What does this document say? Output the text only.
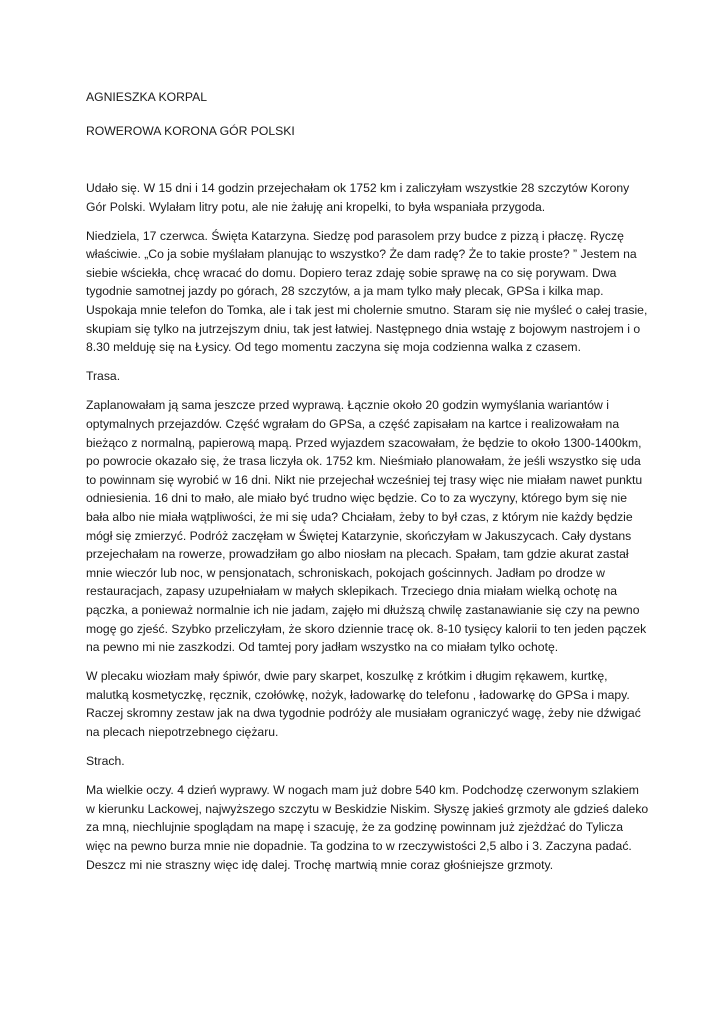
AGNIESZKA KORPAL

ROWEROWA KORONA GÓR POLSKI

Udało się. W 15 dni i 14 godzin przejechałam ok 1752 km i zaliczyłam wszystkie 28 szczytów Korony Gór Polski. Wylałam litry potu, ale nie żałuję ani kropelki, to była wspaniała przygoda.

Niedziela, 17 czerwca. Święta Katarzyna. Siedzę pod parasolem przy budce z pizzą i płaczę. Ryczę właściwie. „Co ja sobie myślałam planując to wszystko? Że dam radę? Że to takie proste? ” Jestem na siebie wściekła, chcę wracać do domu. Dopiero teraz zdaję sobie sprawę na co się porywam. Dwa tygodnie samotnej jazdy po górach, 28 szczytów, a ja mam tylko mały plecak, GPSa i kilka map. Uspokaja mnie telefon do Tomka, ale i tak jest mi cholernie smutno. Staram się nie myśleć o całej trasie, skupiam się tylko na jutrzejszym dniu, tak jest łatwiej. Następnego dnia wstaję z bojowym nastrojem i o 8.30 melduję się na Łysicy. Od tego momentu zaczyna się moja codzienna walka z czasem.

Trasa.

Zaplanowałam ją sama jeszcze przed wyprawą. Łącznie około 20 godzin wymyślania wariantów i optymalnych przejazdów. Część wgrałam do GPSa, a część zapisałam na kartce i realizowałam na bieżąco z normalną, papierową mapą. Przed wyjazdem szacowałam, że będzie to około 1300-1400km, po powrocie okazało się, że trasa liczyła ok. 1752 km. Nieśmiało planowałam, że jeśli wszystko się uda to powinnam się wyrobić w 16 dni. Nikt nie przejechał wcześniej tej trasy więc nie miałam nawet punktu odniesienia. 16 dni to mało, ale miało być trudno więc będzie. Co to za wyczyny, którego bym się nie bała albo nie miała wątpliwości, że mi się uda? Chciałam, żeby to był czas, z którym nie każdy będzie mógł się zmierzyć. Podróż zaczęłam w Świętej Katarzynie, skończyłam w Jakuszycach. Cały dystans przejechałam na rowerze, prowadziłam go albo niosłam na plecach. Spałam, tam gdzie akurat zastał mnie wieczór lub noc, w pensjonatach, schroniskach, pokojach gościnnych. Jadłam po drodze w restauracjach, zapasy uzupełniałam w małych sklepikach. Trzeciego dnia miałam wielką ochotę na pączka, a ponieważ normalnie ich nie jadam, zajęło mi dłuższą chwilę zastanawianie się czy na pewno mogę go zjeść. Szybko przeliczyłam, że skoro dziennie tracę ok. 8-10 tysięcy kalorii to ten jeden pączek na pewno mi nie zaszkodzi. Od tamtej pory jadłam wszystko na co miałam tylko ochotę.

W plecaku wiozłam mały śpiwór, dwie pary skarpet, koszulkę z krótkim i długim rękawem, kurtkę, malutką kosmetyczkę, ręcznik, czołówkę, nożyk, ładowarkę do telefonu , ładowarkę do GPSa i mapy. Raczej skromny zestaw jak na dwa tygodnie podróży ale musiałam ograniczyć wagę, żeby nie dźwigać na plecach niepotrzebnego ciężaru.

Strach.

Ma wielkie oczy. 4 dzień wyprawy. W nogach mam już dobre 540 km. Podchodzę czerwonym szlakiem w kierunku Lackowej, najwyższego szczytu w Beskidzie Niskim. Słyszę jakieś grzmoty ale gdzieś daleko za mną, niechlujnie spoglądam na mapę i szacuję, że za godzinę powinnam już zjeżdżać do Tylicza więc na pewno burza mnie nie dopadnie. Ta godzina to w rzeczywistości 2,5 albo i 3. Zaczyna padać. Deszcz mi nie straszny więc idę dalej. Trochę martwią mnie coraz głośniejsze grzmoty.
